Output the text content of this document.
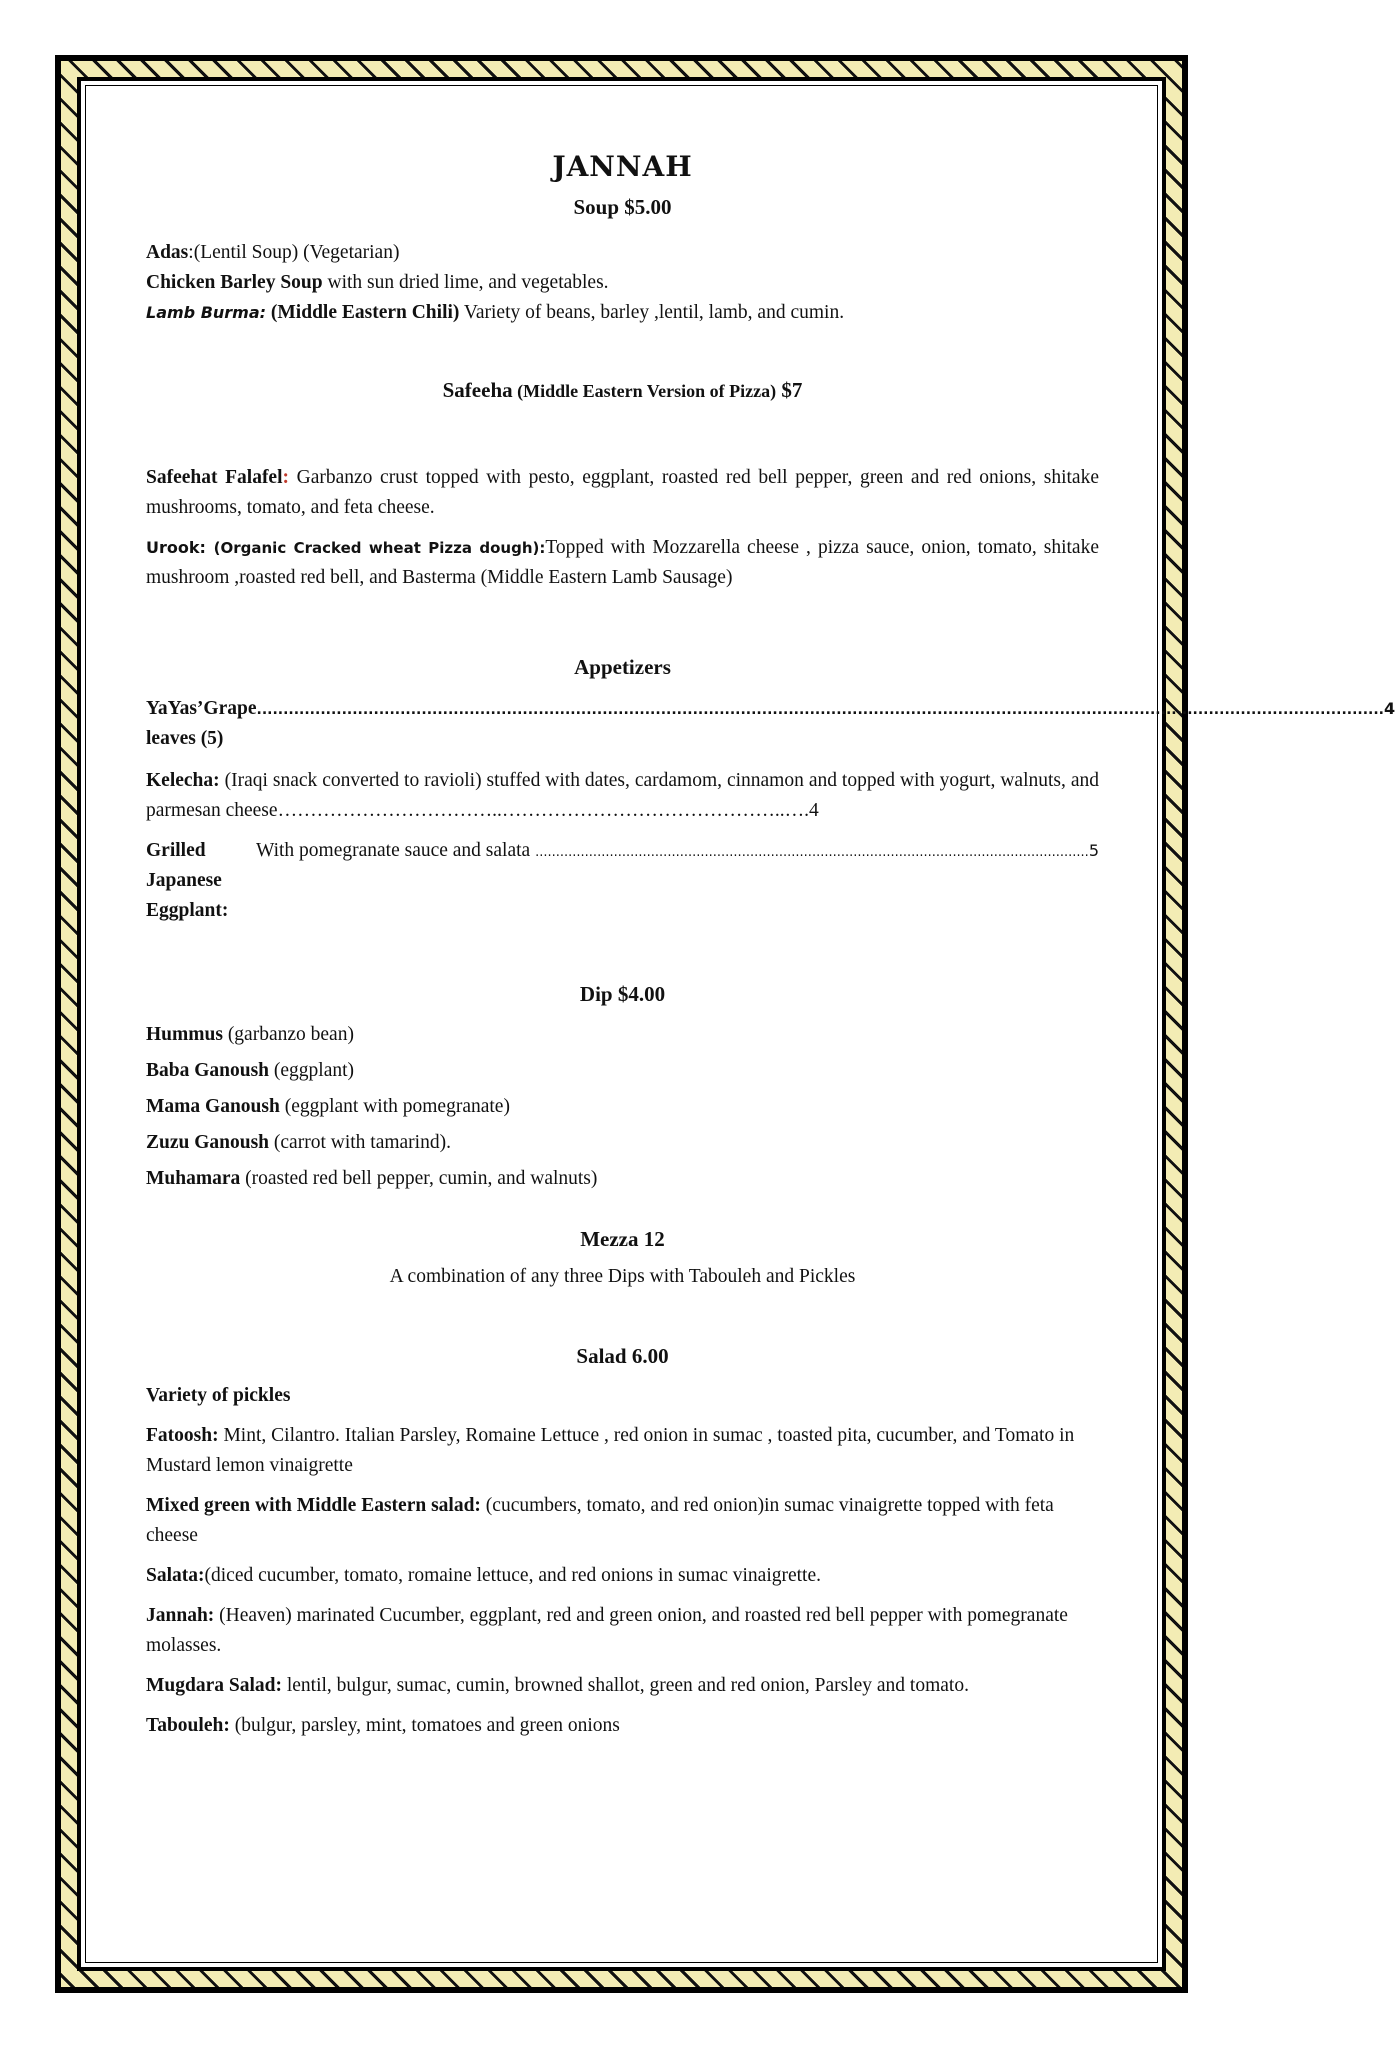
JANNAH
Soup $5.00

Adas:(Lentil Soup) (Vegetarian)

Chicken Barley Soup with sun dried lime, and vegetables.

Lamb Burma: (Middle Eastern Chili) Variety of beans, barley ,lentil, lamb, and cumin.

Safeeha (Middle Eastern Version of Pizza) $7

Safeehat Falafel: Garbanzo crust topped with pesto, eggplant, roasted red bell pepper, green and red onions, shitake mushrooms, tomato, and feta cheese.

Urook: (Organic Cracked wheat Pizza dough):Topped with Mozzarella cheese , pizza sauce, onion, tomato, shitake mushroom ,roasted red bell, and Basterma (Middle Eastern Lamb Sausage)

Appetizers
YaYas’Grape leaves (5)
.................................................................................................................................................................................................................... 4

Kelecha: (Iraqi snack converted to ravioli) stuffed with dates, cardamom, cinnamon and topped with yogurt, walnuts, and parmesan cheese……………………………..……………………………………..….4

Grilled Japanese Eggplant:
With pomegranate sauce and salata ...................................................................................................................................... 5
Dip $4.00

Hummus (garbanzo bean)

Baba Ganoush (eggplant)

Mama Ganoush (eggplant with pomegranate)

Zuzu Ganoush (carrot with tamarind).

Muhamara (roasted red bell pepper, cumin, and walnuts)

Mezza 12

A combination of any three Dips with Tabouleh and Pickles

Salad 6.00

Variety of pickles

Fatoosh: Mint, Cilantro. Italian Parsley, Romaine Lettuce , red onion in sumac , toasted pita, cucumber, and Tomato in Mustard lemon vinaigrette

Mixed green with Middle Eastern salad: (cucumbers, tomato, and red onion)in sumac vinaigrette topped with feta cheese

Salata:(diced cucumber, tomato, romaine lettuce, and red onions in sumac vinaigrette.

Jannah: (Heaven) marinated Cucumber, eggplant, red and green onion, and roasted red bell pepper with pomegranate molasses.

Mugdara Salad: lentil, bulgur, sumac, cumin, browned shallot, green and red onion, Parsley and tomato.

Tabouleh: (bulgur, parsley, mint, tomatoes and green onions
